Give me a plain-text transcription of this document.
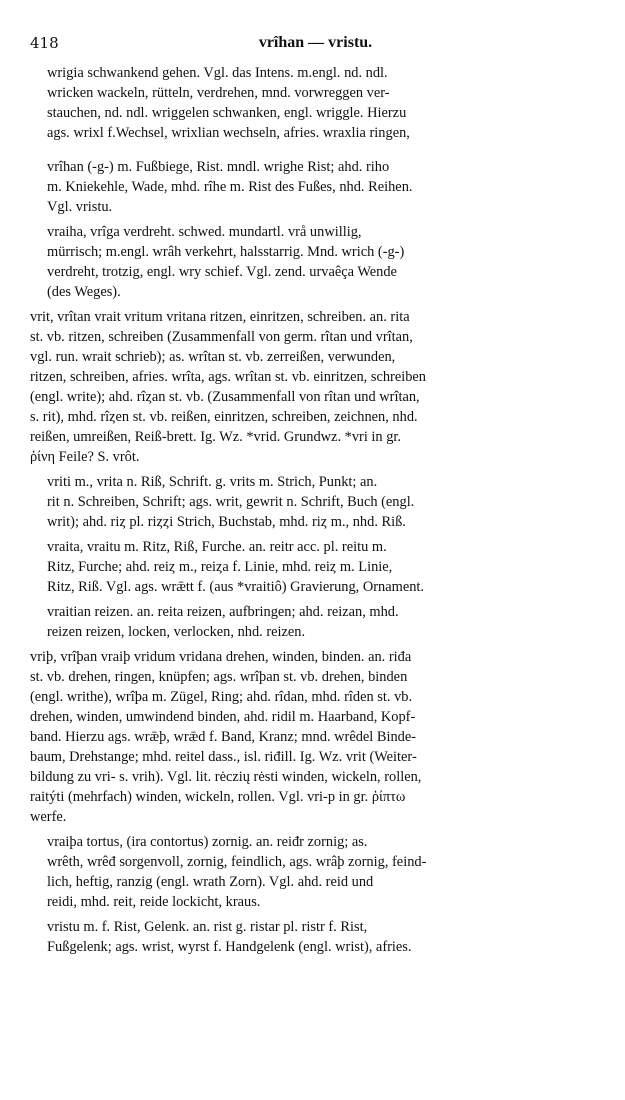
418	vrîhan — vristu.
wrigia schwankend gehen. Vgl. das Intens. m.engl. nd. ndl.
wricken wackeln, rütteln, verdrehen, mnd. vorwreggen ver-
stauchen, nd. ndl. wriggelen schwanken, engl. wriggle. Hierzu
ags. wrixl f.Wechsel, wrixlian wechseln, afries. wraxlia ringen,
vrîhan (-g-) m. Fußbiege, Rist. mndl. wrighe Rist; ahd. riho
m. Kniekehle, Wade, mhd. rîhe m. Rist des Fußes, nhd. Reihen.
Vgl. vristu.
vraiha, vrîga verdreht. schwed. mundartl. vrå unwillig,
mürrisch; m.engl. wrâh verkehrt, halsstarrig. Mnd. wrich (-g-)
verdreht, trotzig, engl. wry schief. Vgl. zend. urvaêça Wende
(des Weges).
vrit, vrîtan vrait vritum vritana ritzen, einritzen, schreiben. an. rita
st. vb. ritzen, schreiben (Zusammenfall von germ. rîtan und vrîtan,
vgl. run. wrait schrieb); as. wrîtan st. vb. zerreißen, verwunden,
ritzen, schreiben, afries. wrîta, ags. wrîtan st. vb. einritzen, schreiben
(engl. write); ahd. rîȥan st. vb. (Zusammenfall von rîtan und wrîtan,
s. rit), mhd. rîȥen st. vb. reißen, einritzen, schreiben, zeichnen, nhd.
reißen, umreißen, Reiß-brett. Ig. Wz. *vrid. Grundwz. *vri in gr.
ῥίνη Feile? S. vrôt.
vriti m., vrita n. Riß, Schrift. g. vrits m. Strich, Punkt; an.
rit n. Schreiben, Schrift; ags. writ, gewrit n. Schrift, Buch (engl.
writ); ahd. riȥ pl. riȥȥi Strich, Buchstab, mhd. riȥ m., nhd. Riß.
vraita, vraitu m. Ritz, Riß, Furche. an. reitr acc. pl. reitu m.
Ritz, Furche; ahd. reiȥ m., reiȥa f. Linie, mhd. reiȥ m. Linie,
Ritz, Riß. Vgl. ags. wrǣtt f. (aus *vraitiô) Gravierung, Ornament.
vraitian reizen. an. reita reizen, aufbringen; ahd. reizan, mhd.
reizen reizen, locken, verlocken, nhd. reizen.
vriþ, vrîþan vraiþ vridum vridana drehen, winden, binden. an. riđa
st. vb. drehen, ringen, knüpfen; ags. wrîþan st. vb. drehen, binden
(engl. writhe), wrîþa m. Zügel, Ring; ahd. rîdan, mhd. rîden st. vb.
drehen, winden, umwindend binden, ahd. ridil m. Haarband, Kopf-
band. Hierzu ags. wrǣþ, wrǣd f. Band, Kranz; mnd. wrêdel Binde-
baum, Drehstange; mhd. reitel dass., isl. riđill. Ig. Wz. vrit (Weiter-
bildung zu vri- s. vrih). Vgl. lit. rėczių rėsti winden, wickeln, rollen,
raitýti (mehrfach) winden, wickeln, rollen. Vgl. vri-p in gr. ῥίπτω
werfe.
vraiþa tortus, (ira contortus) zornig. an. reiđr zornig; as.
wrêth, wrêđ sorgenvoll, zornig, feindlich, ags. wrâþ zornig, feind-
lich, heftig, ranzig (engl. wrath Zorn). Vgl. ahd. reid und
reidi, mhd. reit, reide lockicht, kraus.
vristu m. f. Rist, Gelenk. an. rist g. ristar pl. ristr f. Rist,
Fußgelenk; ags. wrist, wyrst f. Handgelenk (engl. wrist), afries.
